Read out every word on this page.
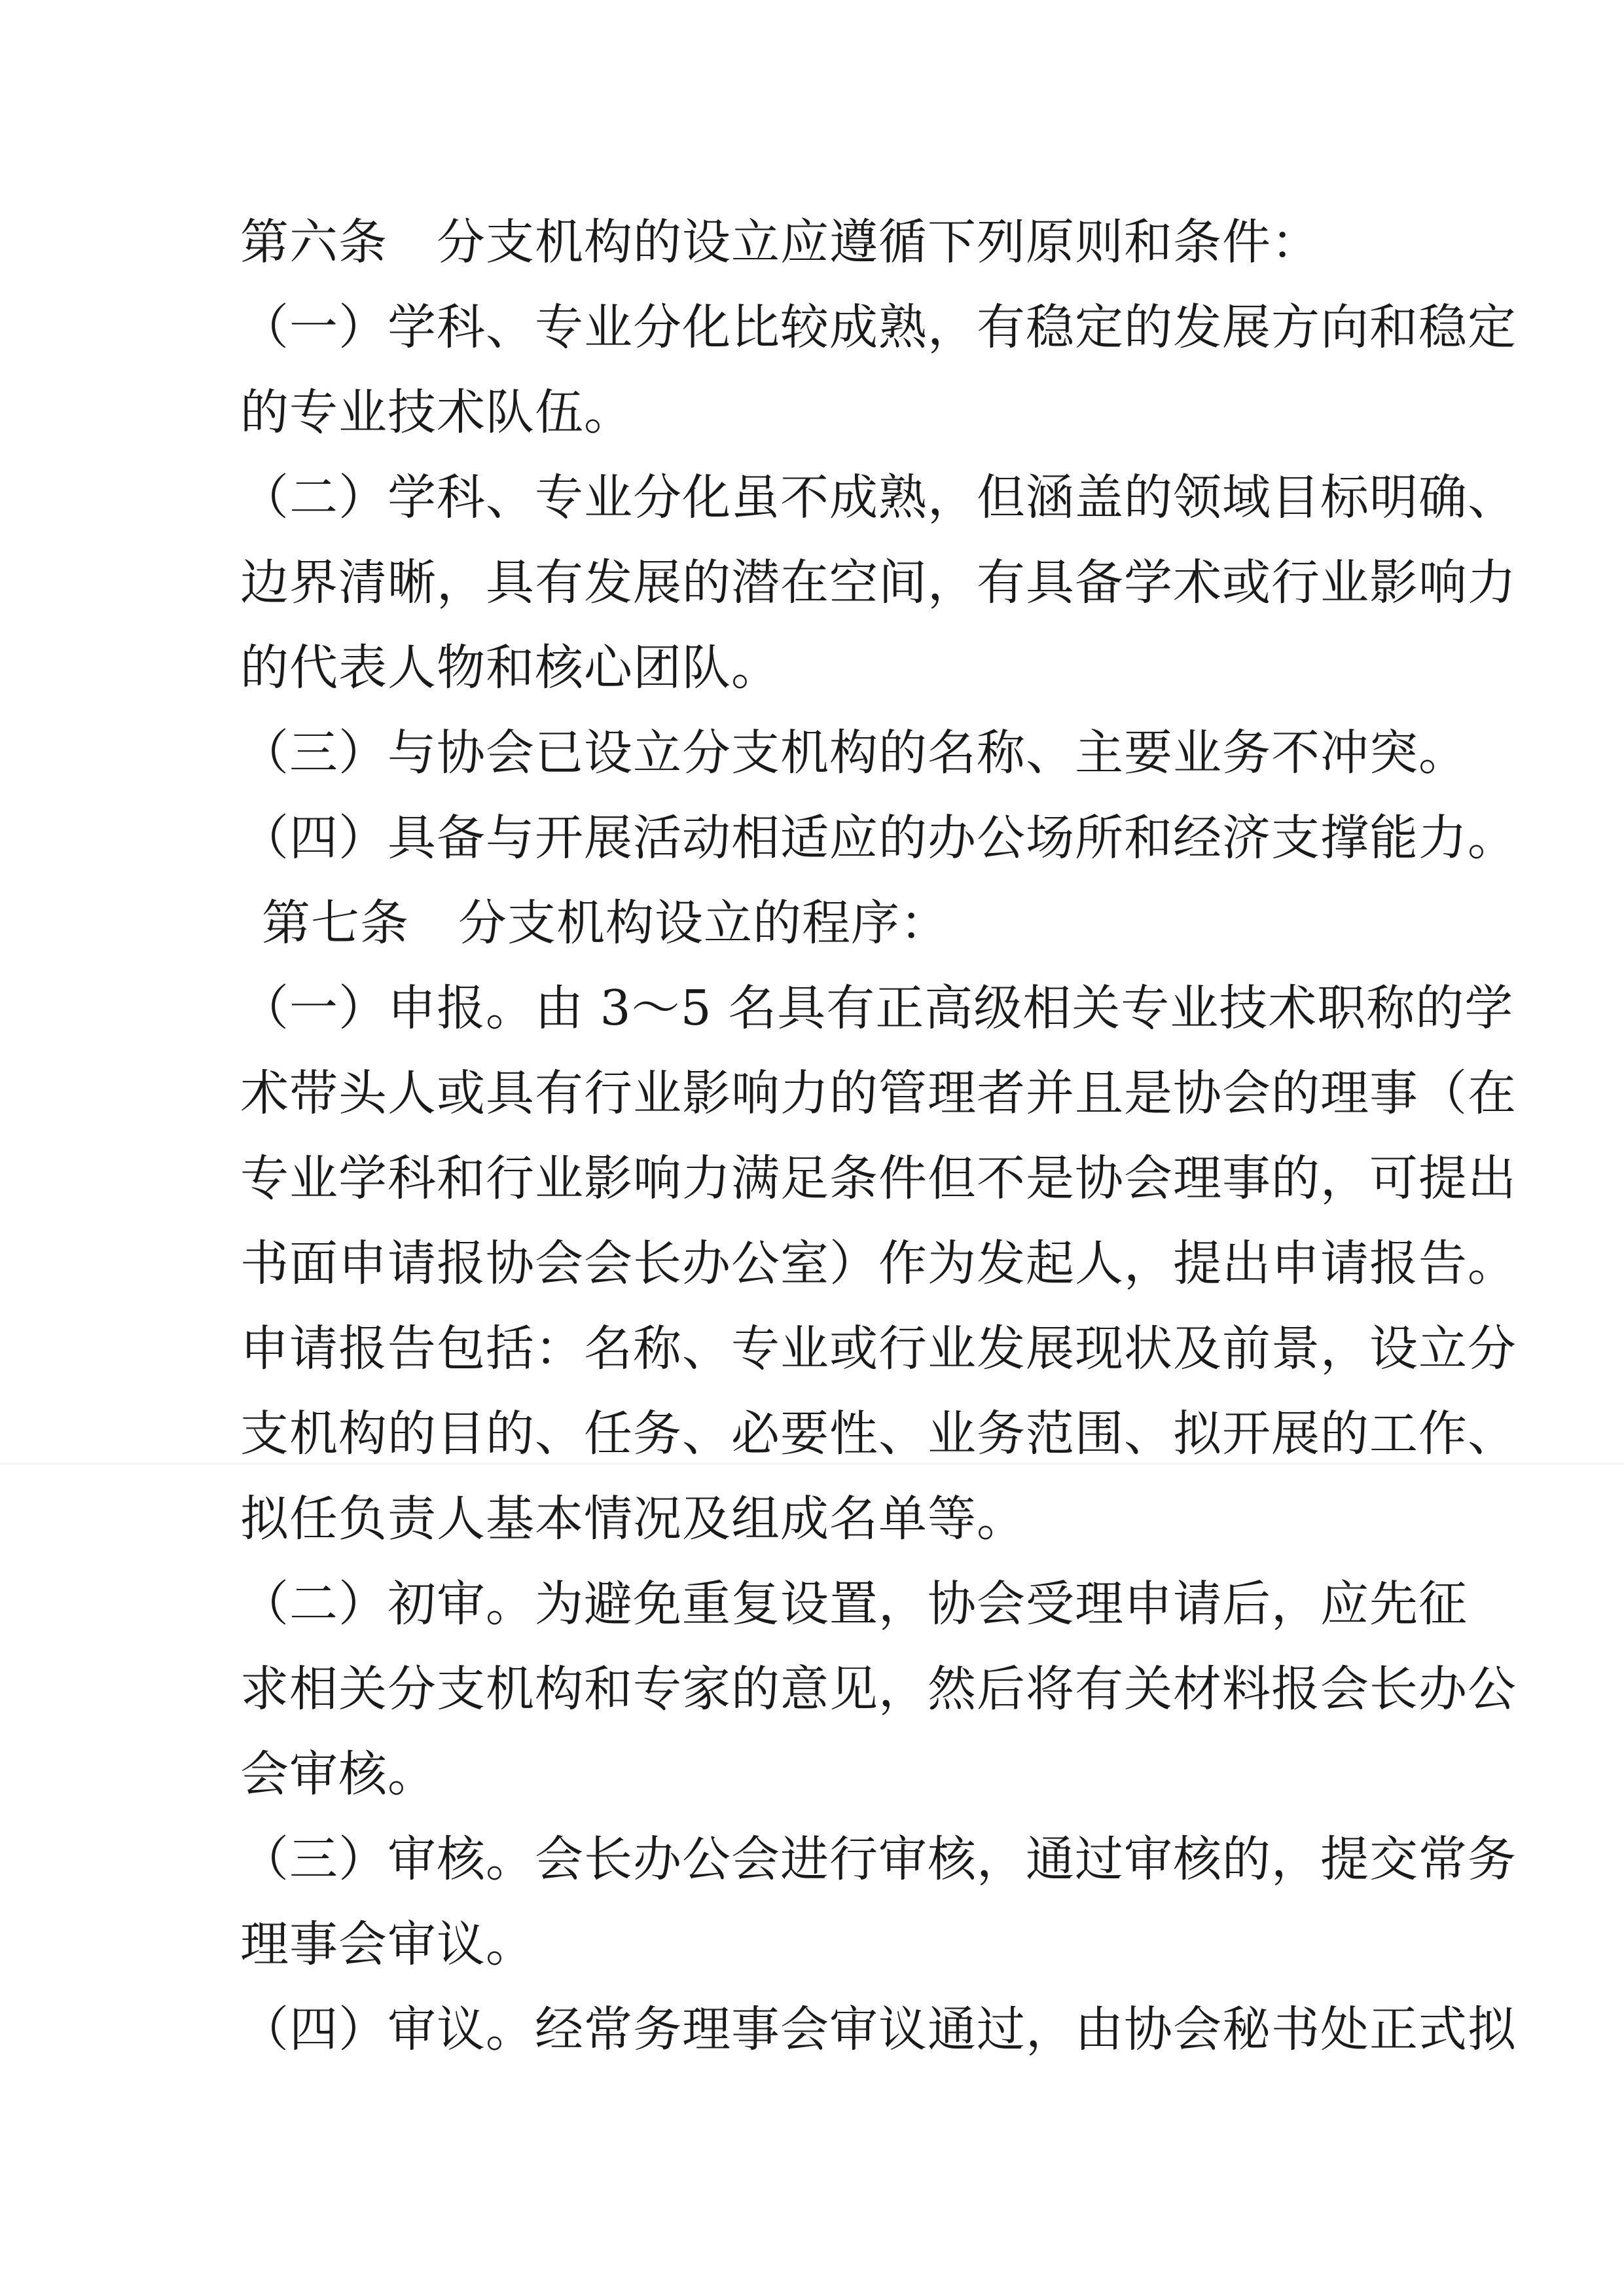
第六条　分支机构的设立应遵循下列原则和条件：
（一）学科、专业分化比较成熟，有稳定的发展方向和稳定
的专业技术队伍。
（二）学科、专业分化虽不成熟，但涵盖的领域目标明确、
边界清晰，具有发展的潜在空间，有具备学术或行业影响力
的代表人物和核心团队。
（三）与协会已设立分支机构的名称、主要业务不冲突。
（四）具备与开展活动相适应的办公场所和经济支撑能力。
第七条　分支机构设立的程序：
（一）申报。由 3～5 名具有正高级相关专业技术职称的学
术带头人或具有行业影响力的管理者并且是协会的理事（在
专业学科和行业影响力满足条件但不是协会理事的，可提出
书面申请报协会会长办公室）作为发起人，提出申请报告。
申请报告包括：名称、专业或行业发展现状及前景，设立分
支机构的目的、任务、必要性、业务范围、拟开展的工作、
拟任负责人基本情况及组成名单等。
（二）初审。为避免重复设置，协会受理申请后，应先征
求相关分支机构和专家的意见，然后将有关材料报会长办公
会审核。
（三）审核。会长办公会进行审核，通过审核的，提交常务
理事会审议。
（四）审议。经常务理事会审议通过，由协会秘书处正式拟
